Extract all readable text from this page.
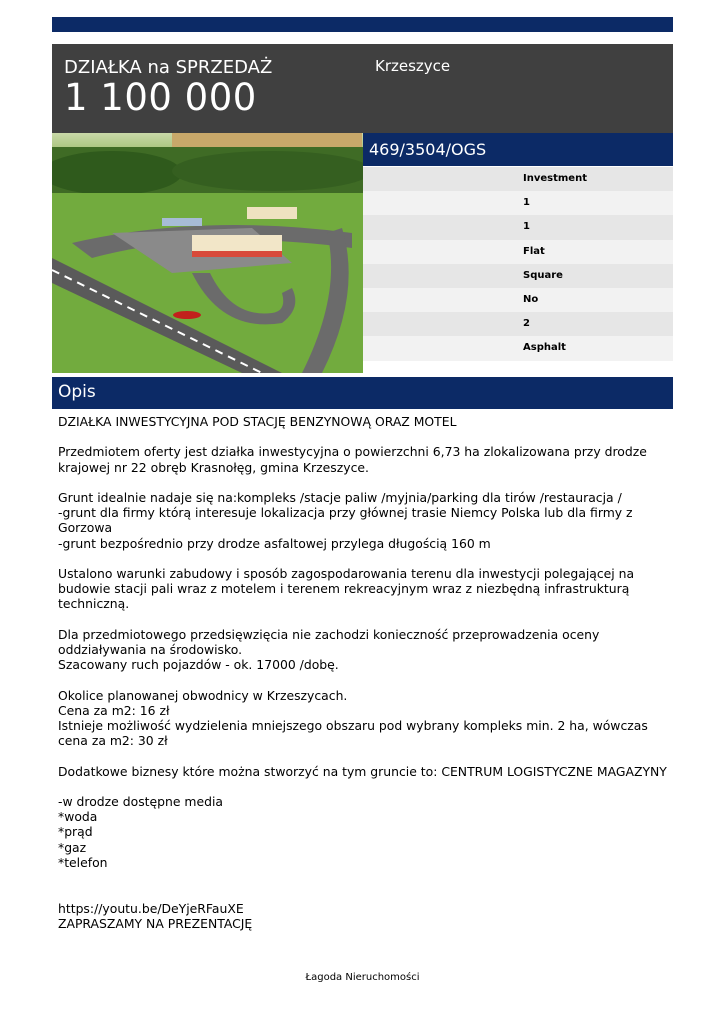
DZIAŁKA na SPRZEDAŻ
1 100 000
Krzeszyce
469/3504/OGS
Investment
1
1
Flat
Square
No
2
Asphalt
Opis

DZIAŁKA INWESTYCYJNA POD STACJĘ BENZYNOWĄ ORAZ MOTEL

Przedmiotem oferty jest działka inwestycyjna o powierzchni 6,73 ha zlokalizowana przy drodze krajowej nr 22 obręb Krasnołęg, gmina Krzeszyce.

Grunt idealnie nadaje się na:kompleks /stacje paliw /myjnia/parking dla tirów /restauracja /

-grunt dla firmy którą interesuje lokalizacja przy głównej trasie Niemcy Polska lub dla firmy z Gorzowa

-grunt bezpośrednio przy drodze asfaltowej przylega długością 160 m

Ustalono warunki zabudowy i sposób zagospodarowania terenu dla inwestycji polegającej na budowie stacji pali wraz z motelem i terenem rekreacyjnym wraz z niezbędną infrastrukturą techniczną.

Dla przedmiotowego przedsięwzięcia nie zachodzi konieczność przeprowadzenia oceny oddziaływania na środowisko.

Szacowany ruch pojazdów - ok. 17000 /dobę.

Okolice planowanej obwodnicy w Krzeszycach.

Cena za m2: 16 zł

Istnieje możliwość wydzielenia mniejszego obszaru pod wybrany kompleks min. 2 ha, wówczas cena za m2: 30 zł

Dodatkowe biznesy które można stworzyć na tym gruncie to: CENTRUM LOGISTYCZNE MAGAZYNY

-w drodze dostępne media

*woda

*prąd

*gaz

*telefon

https://youtu.be/DeYjeRFauXE

ZAPRASZAMY NA PREZENTACJĘ

Łagoda Nieruchomości
